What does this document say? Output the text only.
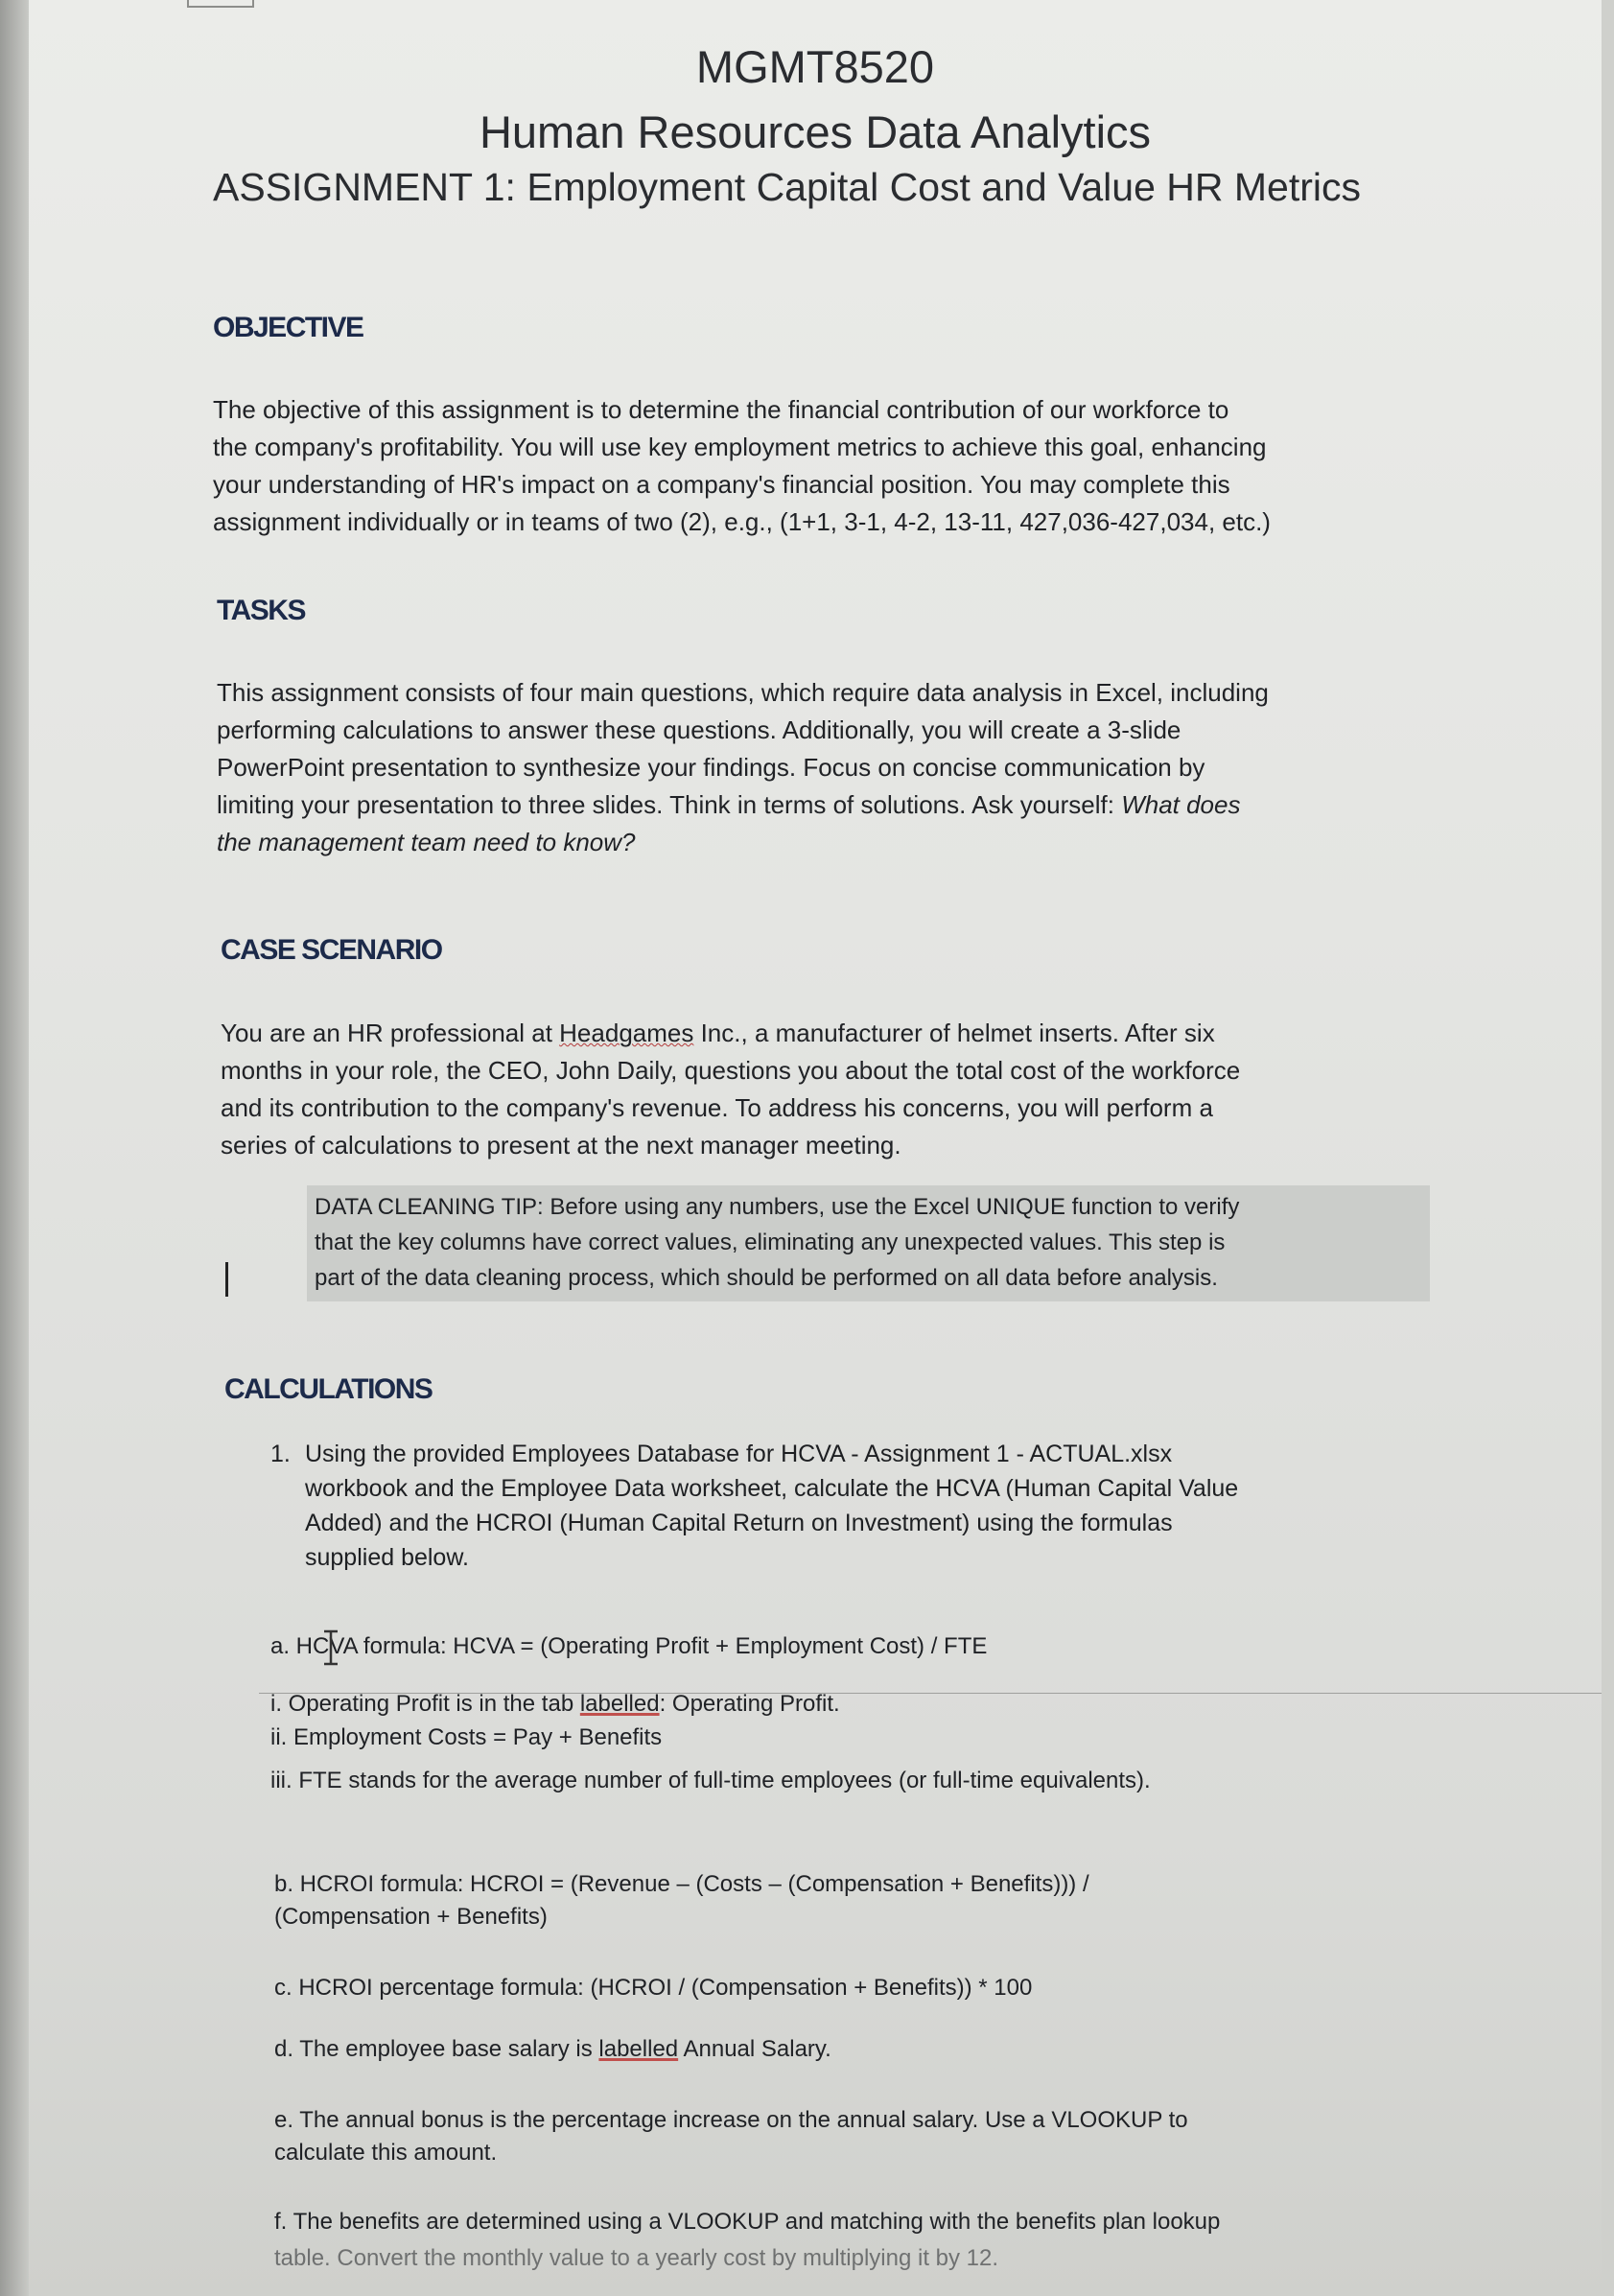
MGMT8520
Human Resources Data Analytics
ASSIGNMENT 1: Employment Capital Cost and Value HR Metrics
OBJECTIVE
The objective of this assignment is to determine the financial contribution of our workforce to
the company's profitability. You will use key employment metrics to achieve this goal, enhancing
your understanding of HR's impact on a company's financial position. You may complete this
assignment individually or in teams of two (2), e.g., (1+1, 3-1, 4-2, 13-11, 427,036-427,034, etc.)
TASKS
This assignment consists of four main questions, which require data analysis in Excel, including
performing calculations to answer these questions. Additionally, you will create a 3-slide
PowerPoint presentation to synthesize your findings. Focus on concise communication by
limiting your presentation to three slides. Think in terms of solutions. Ask yourself: What does
the management team need to know?
CASE SCENARIO
You are an HR professional at Headgames Inc., a manufacturer of helmet inserts. After six
months in your role, the CEO, John Daily, questions you about the total cost of the workforce
and its contribution to the company's revenue. To address his concerns, you will perform a
series of calculations to present at the next manager meeting.
DATA CLEANING TIP: Before using any numbers, use the Excel UNIQUE function to verify
that the key columns have correct values, eliminating any unexpected values. This step is
part of the data cleaning process, which should be performed on all data before analysis.
CALCULATIONS
1. Using the provided Employees Database for HCVA - Assignment 1 - ACTUAL.xlsx
workbook and the Employee Data worksheet, calculate the HCVA (Human Capital Value
Added) and the HCROI (Human Capital Return on Investment) using the formulas
supplied below.
a. HCVA formula: HCVA = (Operating Profit + Employment Cost) / FTE
i. Operating Profit is in the tab labelled: Operating Profit.
ii. Employment Costs = Pay + Benefits
iii. FTE stands for the average number of full-time employees (or full-time equivalents).
b. HCROI formula: HCROI = (Revenue – (Costs – (Compensation + Benefits))) /
(Compensation + Benefits)
c. HCROI percentage formula: (HCROI / (Compensation + Benefits)) * 100
d. The employee base salary is labelled Annual Salary.
e. The annual bonus is the percentage increase on the annual salary. Use a VLOOKUP to
calculate this amount.
f. The benefits are determined using a VLOOKUP and matching with the benefits plan lookup
table. Convert the monthly value to a yearly cost by multiplying it by 12.
